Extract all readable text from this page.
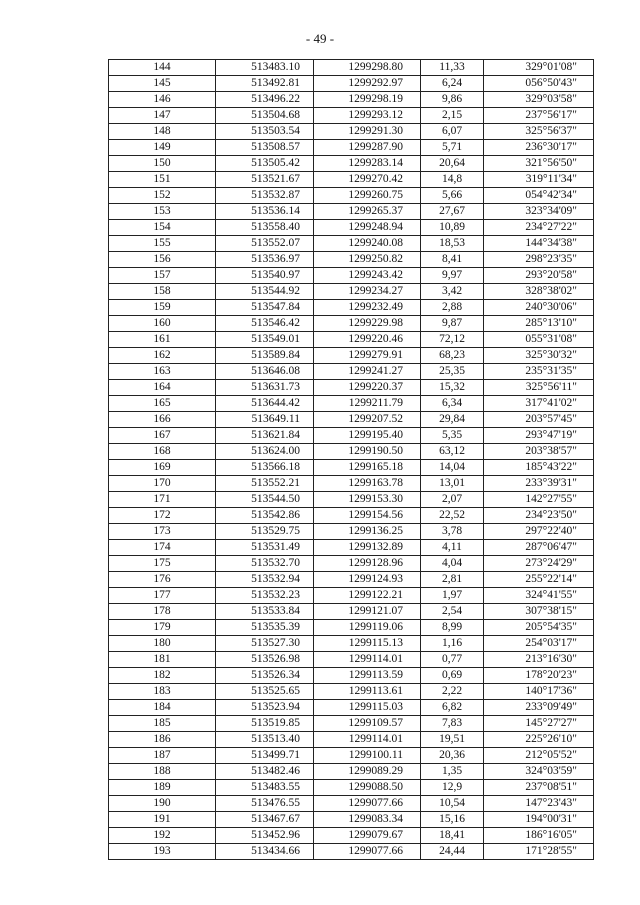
- 49 -
144	513483.10	1299298.80	11,33	329°01'08"
145	513492.81	1299292.97	6,24	056°50'43"
146	513496.22	1299298.19	9,86	329°03'58"
147	513504.68	1299293.12	2,15	237°56'17"
148	513503.54	1299291.30	6,07	325°56'37"
149	513508.57	1299287.90	5,71	236°30'17"
150	513505.42	1299283.14	20,64	321°56'50"
151	513521.67	1299270.42	14,8	319°11'34"
152	513532.87	1299260.75	5,66	054°42'34"
153	513536.14	1299265.37	27,67	323°34'09"
154	513558.40	1299248.94	10,89	234°27'22"
155	513552.07	1299240.08	18,53	144°34'38"
156	513536.97	1299250.82	8,41	298°23'35"
157	513540.97	1299243.42	9,97	293°20'58"
158	513544.92	1299234.27	3,42	328°38'02"
159	513547.84	1299232.49	2,88	240°30'06"
160	513546.42	1299229.98	9,87	285°13'10"
161	513549.01	1299220.46	72,12	055°31'08"
162	513589.84	1299279.91	68,23	325°30'32"
163	513646.08	1299241.27	25,35	235°31'35"
164	513631.73	1299220.37	15,32	325°56'11"
165	513644.42	1299211.79	6,34	317°41'02"
166	513649.11	1299207.52	29,84	203°57'45"
167	513621.84	1299195.40	5,35	293°47'19"
168	513624.00	1299190.50	63,12	203°38'57"
169	513566.18	1299165.18	14,04	185°43'22"
170	513552.21	1299163.78	13,01	233°39'31"
171	513544.50	1299153.30	2,07	142°27'55"
172	513542.86	1299154.56	22,52	234°23'50"
173	513529.75	1299136.25	3,78	297°22'40"
174	513531.49	1299132.89	4,11	287°06'47"
175	513532.70	1299128.96	4,04	273°24'29"
176	513532.94	1299124.93	2,81	255°22'14"
177	513532.23	1299122.21	1,97	324°41'55"
178	513533.84	1299121.07	2,54	307°38'15"
179	513535.39	1299119.06	8,99	205°54'35"
180	513527.30	1299115.13	1,16	254°03'17"
181	513526.98	1299114.01	0,77	213°16'30"
182	513526.34	1299113.59	0,69	178°20'23"
183	513525.65	1299113.61	2,22	140°17'36"
184	513523.94	1299115.03	6,82	233°09'49"
185	513519.85	1299109.57	7,83	145°27'27"
186	513513.40	1299114.01	19,51	225°26'10"
187	513499.71	1299100.11	20,36	212°05'52"
188	513482.46	1299089.29	1,35	324°03'59"
189	513483.55	1299088.50	12,9	237°08'51"
190	513476.55	1299077.66	10,54	147°23'43"
191	513467.67	1299083.34	15,16	194°00'31"
192	513452.96	1299079.67	18,41	186°16'05"
193	513434.66	1299077.66	24,44	171°28'55"
